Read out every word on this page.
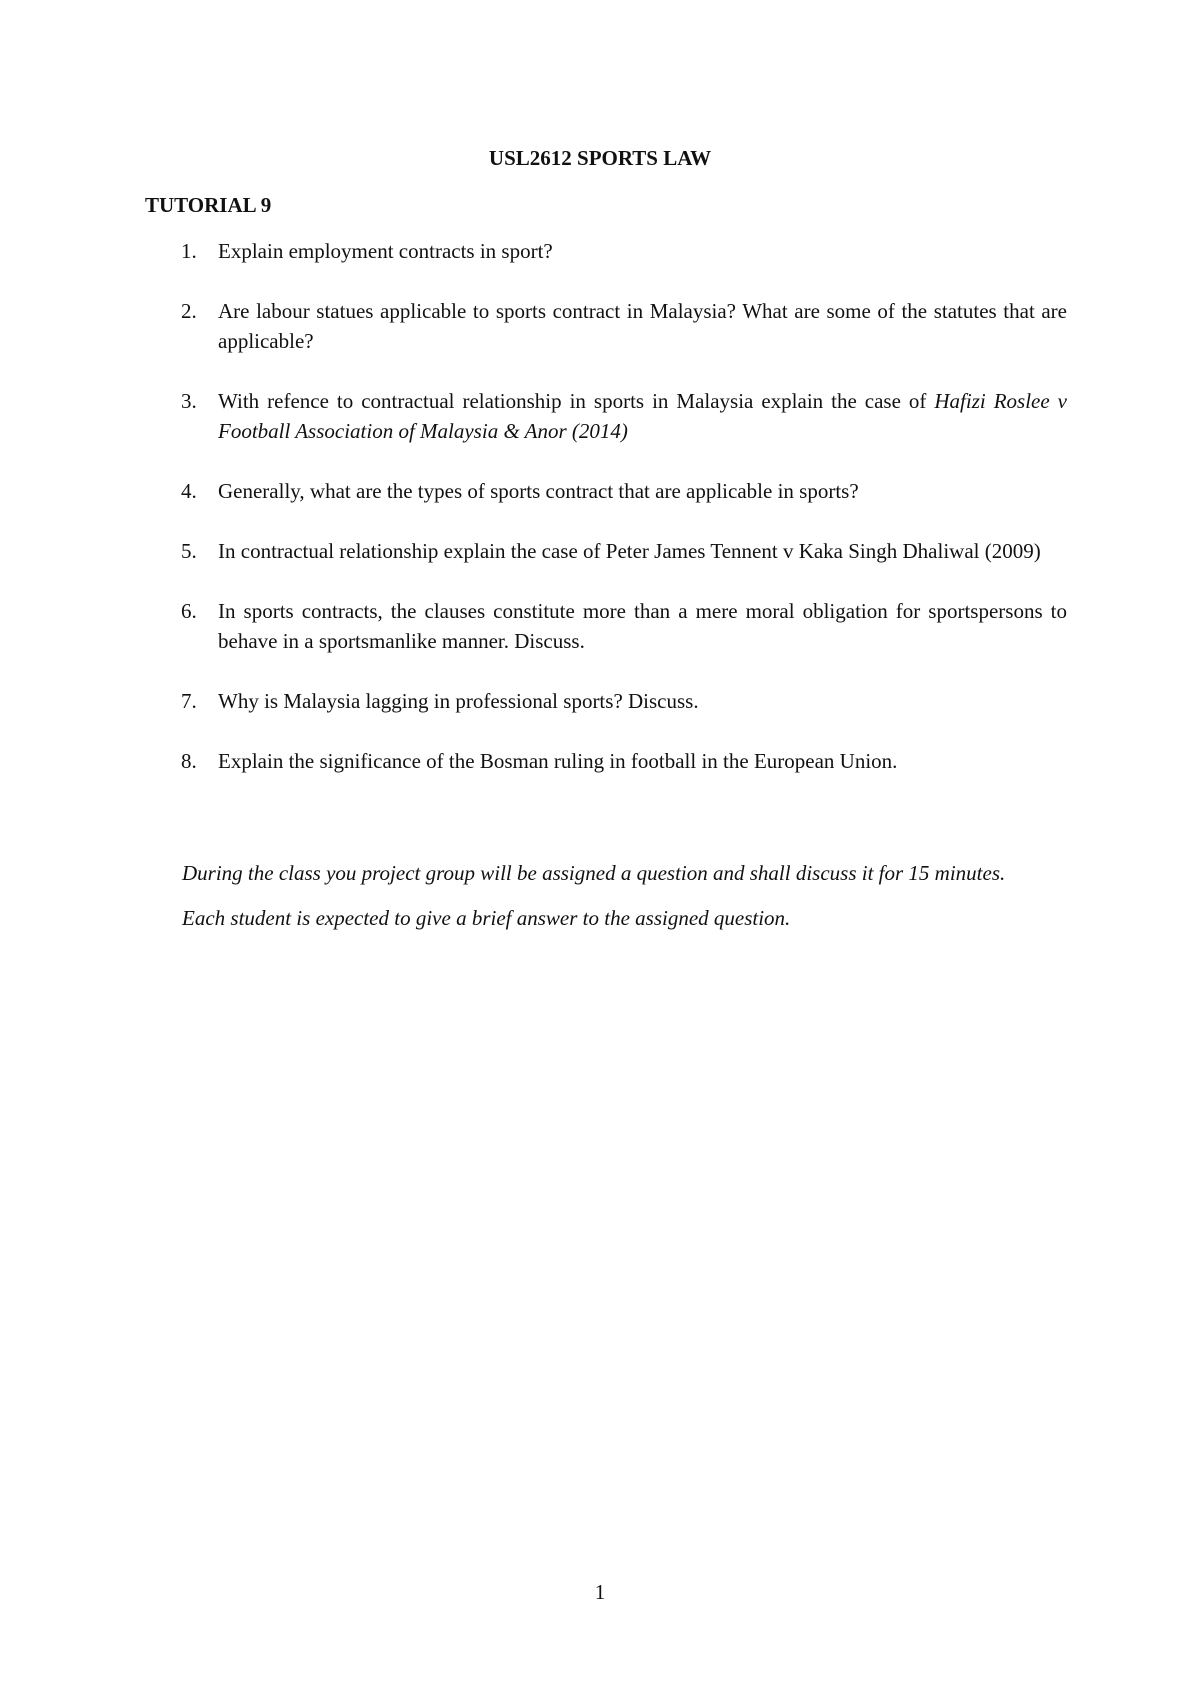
USL2612 SPORTS LAW
TUTORIAL 9
1. Explain employment contracts in sport?
2. Are labour statues applicable to sports contract in Malaysia? What are some of the statutes that are applicable?
3. With refence to contractual relationship in sports in Malaysia explain the case of Hafizi Roslee v Football Association of Malaysia & Anor (2014)
4. Generally, what are the types of sports contract that are applicable in sports?
5. In contractual relationship explain the case of Peter James Tennent v Kaka Singh Dhaliwal (2009)
6. In sports contracts, the clauses constitute more than a mere moral obligation for sportspersons to behave in a sportsmanlike manner. Discuss.
7. Why is Malaysia lagging in professional sports? Discuss.
8. Explain the significance of the Bosman ruling in football in the European Union.

During the class you project group will be assigned a question and shall discuss it for 15 minutes.

Each student is expected to give a brief answer to the assigned question.

1
